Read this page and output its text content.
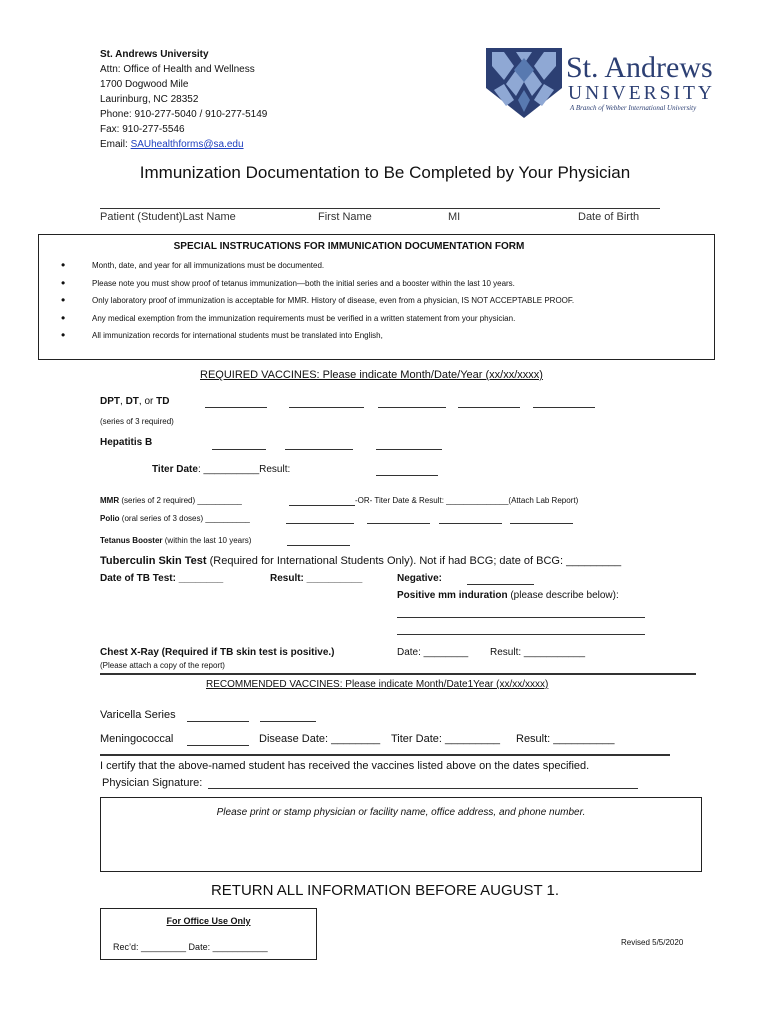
St. Andrews University
Attn: Office of Health and Wellness
1700 Dogwood Mile
Laurinburg, NC 28352
Phone: 910-277-5040 / 910-277-5149
Fax: 910-277-5546
Email: SAUhealthforms@sa.edu
St. Andrews
UNIVERSITY
A Branch of Webber International University
Immunization Documentation to Be Completed by Your Physician
Patient (Student)Last Name	First Name	MI	Date of Birth
SPECIAL INSTRUCATIONS FOR IMMUNICATION DOCUMENTATION FORM
• Month, date, and year for all immunizations must be documented.
• Please note you must show proof of tetanus immunization—both the initial series and a booster within the last 10 years.
• Only laboratory proof of immunization is acceptable for MMR. History of disease, even from a physician, IS NOT ACCEPTABLE PROOF.
• Any medical exemption from the immunization requirements must be verified in a written statement from your physician.
• All immunization records for international students must be translated into English,
REQUIRED VACCINES: Please indicate Month/Date/Year (xx/xx/xxxx)
DPT, DT, or TD
(series of 3 required)
Hepatitis B
Titer Date: __________Result:
MMR (series of 2 required) __________	-OR- Titer Date & Result: ______________(Attach Lab Report)
Polio (oral series of 3 doses) __________
Tetanus Booster (within the last 10 years)
Tuberculin Skin Test (Required for International Students Only). Not if had BCG; date of BCG: _________
Date of TB Test: ________	Result: __________	Negative:
Positive mm induration (please describe below):
Chest X-Ray (Required if TB skin test is positive.)	Date: ________ Result: ___________
(Please attach a copy of the report)
RECOMMENDED VACCINES: Please indicate Month/Date1Year (xx/xx/xxxx)
Varicella Series
Meningococcal	Disease Date: ________ Titer Date: _________ Result: __________
I certify that the above-named student has received the vaccines listed above on the dates specified.
Physician Signature:
Please print or stamp physician or facility name, office address, and phone number.
RETURN ALL INFORMATION BEFORE AUGUST 1.
For Office Use Only
Rec’d: _________ Date: ___________	Revised 5/5/2020
